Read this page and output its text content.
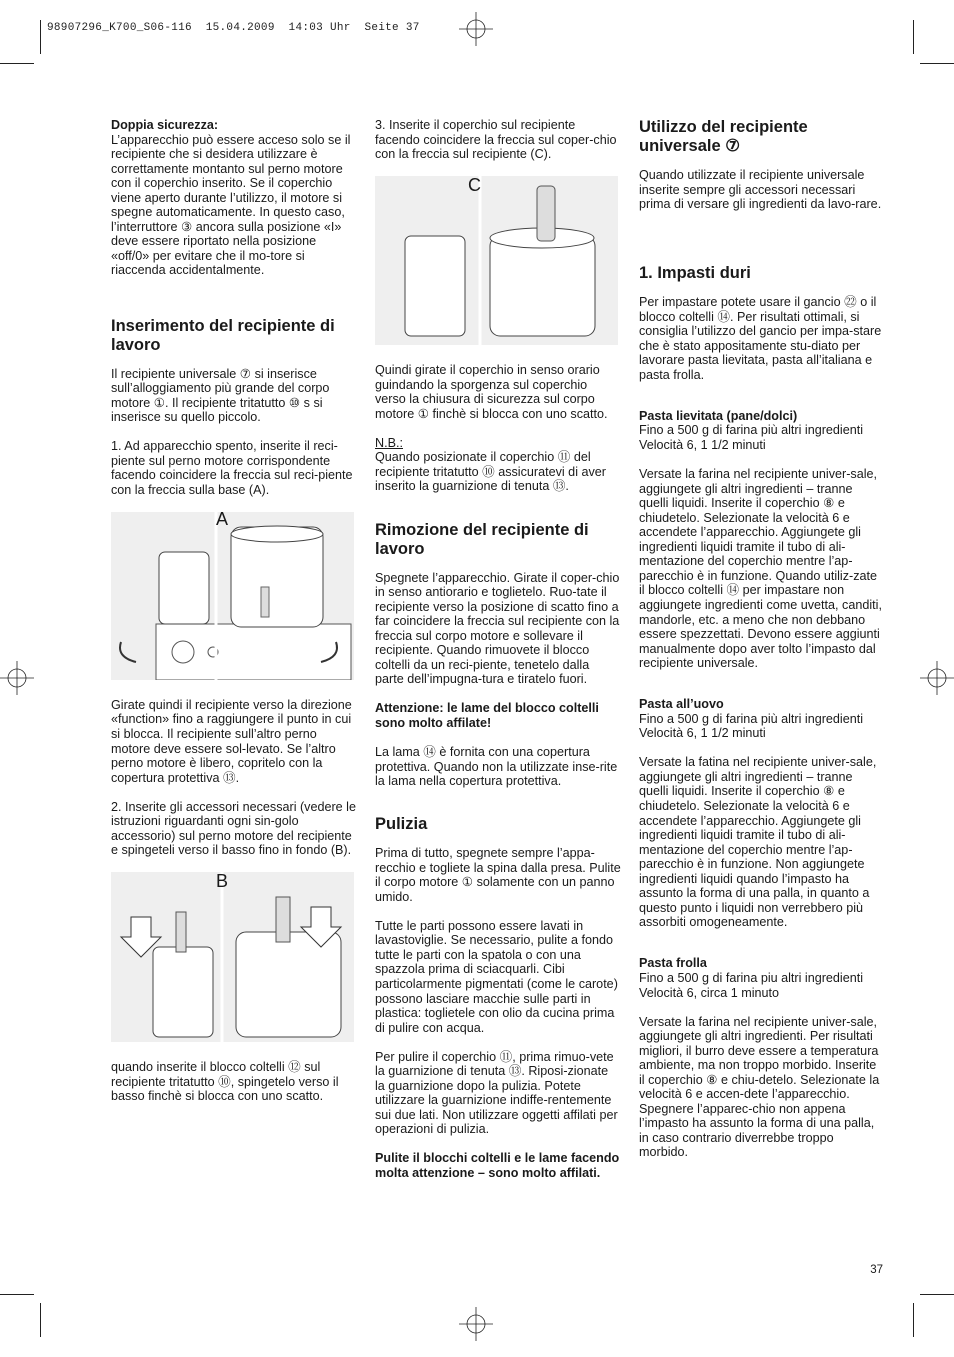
98907296_K700_S06-116  15.04.2009  14:03 Uhr  Seite 37
Doppia sicurezza:

L’apparecchio può essere acceso solo se il recipiente che si desidera utilizzare è correttamente montanto sul perno motore con il coperchio inserito. Se il coperchio viene aperto durante l’utilizzo, il motore si spegne automaticamente. In questo caso, l’interruttore ③ ancora sulla posizione «I» deve essere riportato nella posizione «off/0» per evitare che il mo-tore si riaccenda accidentalmente.

Inserimento del recipiente di lavoro

Il recipiente universale ⑦ si inserisce sull’alloggiamento più grande del corpo motore ①. Il recipiente tritatutto ⑩ s si inserisce su quello piccolo.

1. Ad apparecchio spento, inserite il reci-piente sul perno motore corrispondente facendo coincidere la freccia sul reci-piente con la freccia sulla base (A).

A

Girate quindi il recipiente verso la direzione «function» fino a raggiungere il punto in cui si blocca. Il recipiente sull’altro perno motore deve essere sol-levato. Se l’altro perno motore è libero, copritelo con la copertura protettiva ⑬.

2. Inserite gli accessori necessari (vedere le istruzioni riguardanti ogni sin-golo accessorio) sul perno motore del recipiente e spingeteli verso il basso fino in fondo (B).

B

quando inserite il blocco coltelli ⑫ sul recipiente tritatutto ⑩, spingetelo verso il basso finchè si blocca con uno scatto.

3. Inserite il coperchio sul recipiente facendo coincidere la freccia sul coper-chio con la freccia sul recipiente (C).

C

Quindi girate il coperchio in senso orario guindando la sporgenza sul coperchio verso la chiusura di sicurezza sul corpo motore ① finchè si blocca con uno scatto.

N.B.:

Quando posizionate il coperchio ⑪ del recipiente tritatutto ⑩ assicuratevi di aver inserito la guarnizione di tenuta ⑬.

Rimozione del recipiente di lavoro

Spegnete l’apparecchio. Girate il coper-chio in senso antiorario e toglietelo. Ruo-tate il recipiente verso la posizione di scatto fino a far coincidere la freccia sul recipiente con la freccia sul corpo motore e sollevare il recipiente. Quando rimuovete il blocco coltelli da un reci-piente, tenetelo dalla parte dell’impugna-tura e tiratelo fuori.

Attenzione: le lame del blocco coltelli sono molto affilate!

La lama ⑭ è fornita con una copertura protettiva. Quando non la utilizzate inse-rite la lama nella copertura protettiva.

Pulizia

Prima di tutto, spegnete sempre l’appa-recchio e togliete la spina dalla presa. Pulite il corpo motore ① solamente con un panno umido.

Tutte le parti possono essere lavati in lavastoviglie. Se necessario, pulite a fondo tutte le parti con la spatola o con una spazzola prima di sciacquarli. Cibi particolarmente pigmentati (come le carote) possono lasciare macchie sulle parti in plastica: toglietele con olio da cucina prima di pulire con acqua.

Per pulire il coperchio ⑪, prima rimuo-vete la guarnizione di tenuta ⑬. Riposi-zionate la guarnizione dopo la pulizia. Potete utilizzare la guarnizione indiffe-rentemente sui due lati. Non utilizzare oggetti affilati per operazioni di pulizia.

Pulite il blocchi coltelli e le lame facendo molta attenzione – sono molto affilati.

Utilizzo del recipiente universale ⑦

Quando utilizzate il recipiente universale inserite sempre gli accessori necessari prima di versare gli ingredienti da lavo-rare.

1. Impasti duri

Per impastare potete usare il gancio ㉒ o il blocco coltelli ⑭. Per risultati ottimali, si consiglia l’utilizzo del gancio per impa-stare che è stato appositamente stu-diato per lavorare pasta lievitata, pasta all’italiana e pasta frolla.

Pasta lievitata (pane/dolci)
Fino a 500 g di farina più altri ingredienti

Velocità 6, 1 1/2 minuti

Versate la farina nel recipiente univer-sale, aggiungete gli altri ingredienti – tranne quelli liquidi. Inserite il coperchio ⑧ e chiudetelo. Selezionate la velocità 6 e accendete l’apparecchio. Aggiungete gli ingredienti liquidi tramite il tubo di ali-mentazione del coperchio mentre l’ap-parecchio è in funzione. Quando utiliz-zate il blocco coltelli ⑭ per impastare non aggiungete ingredienti come uvetta, canditi, mandorle, etc. a meno che non debbano essere spezzettati. Devono essere aggiunti manualmente dopo aver tolto l’impasto dal recipiente universale.

Pasta all’uovo
Fino a 500 g di farina più altri ingredienti

Velocità 6, 1 1/2 minuti

Versate la fatina nel recipiente univer-sale, aggiungete gli altri ingredienti – tranne quelli liquidi. Inserite il coperchio ⑧ e chiudetelo. Selezionate la velocità 6 e accendete l’apparecchio. Aggiungete gli ingredienti liquidi tramite il tubo di ali-mentazione del coperchio mentre l’ap-parecchio è in funzione. Non aggiungete ingredienti liquidi quando l’impasto ha assunto la forma di una palla, in quanto a questo punto i liquidi non verrebbero più assorbiti omogeneamente.

Pasta frolla
Fino a 500 g di farina piu altri ingredienti

Velocità 6, circa 1 minuto

Versate la farina nel recipiente univer-sale, aggiungete gli altri ingredienti. Per risultati migliori, il burro deve essere a temperatura ambiente, ma non troppo morbido. Inserite il coperchio ⑧ e chiu-detelo. Selezionate la velocità 6 e accen-dete l’apparecchio. Spegnere l’apparec-chio non appena l’impasto ha assunto la forma di una palla, in caso contrario diverrebbe troppo morbido.

37
